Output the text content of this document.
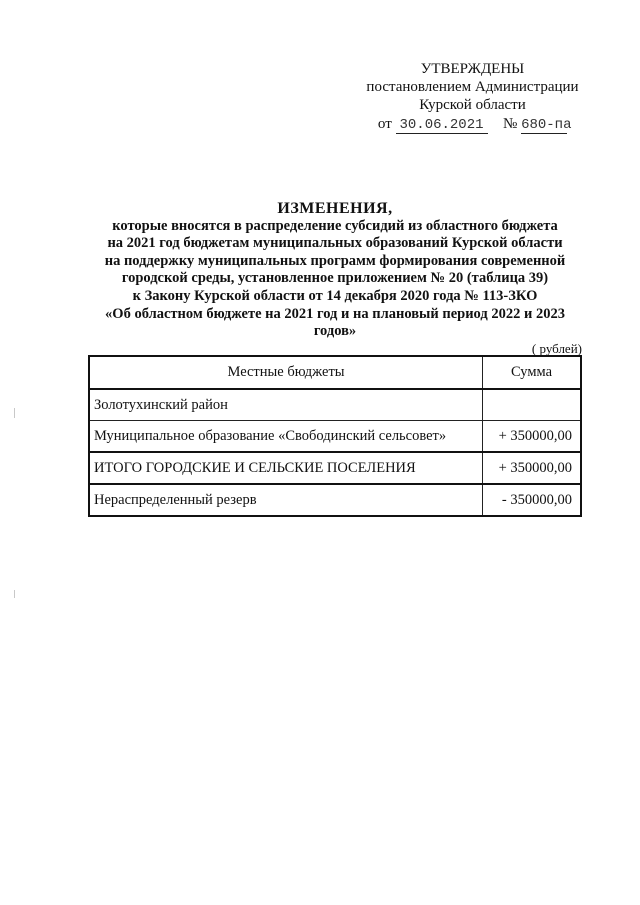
УТВЕРЖДЕНЫ
постановлением Администрации
Курской области
от 30.06.2021 № 680-па
ИЗМЕНЕНИЯ,
которые вносятся в распределение субсидий из областного бюджета
на 2021 год бюджетам муниципальных образований Курской области
на поддержку муниципальных программ формирования современной
городской среды, установленное приложением № 20 (таблица 39)
к Закону Курской области от 14 декабря 2020 года № 113-ЗКО
«Об областном бюджете на 2021 год и на плановый период 2022 и 2023
годов»
( рублей)
Местные бюджеты	Сумма
Золотухинский район	
Муниципальное образование «Свободинский сельсовет»	+ 350000,00
ИТОГО ГОРОДСКИЕ И СЕЛЬСКИЕ ПОСЕЛЕНИЯ	+ 350000,00
Нераспределенный резерв	- 350000,00
